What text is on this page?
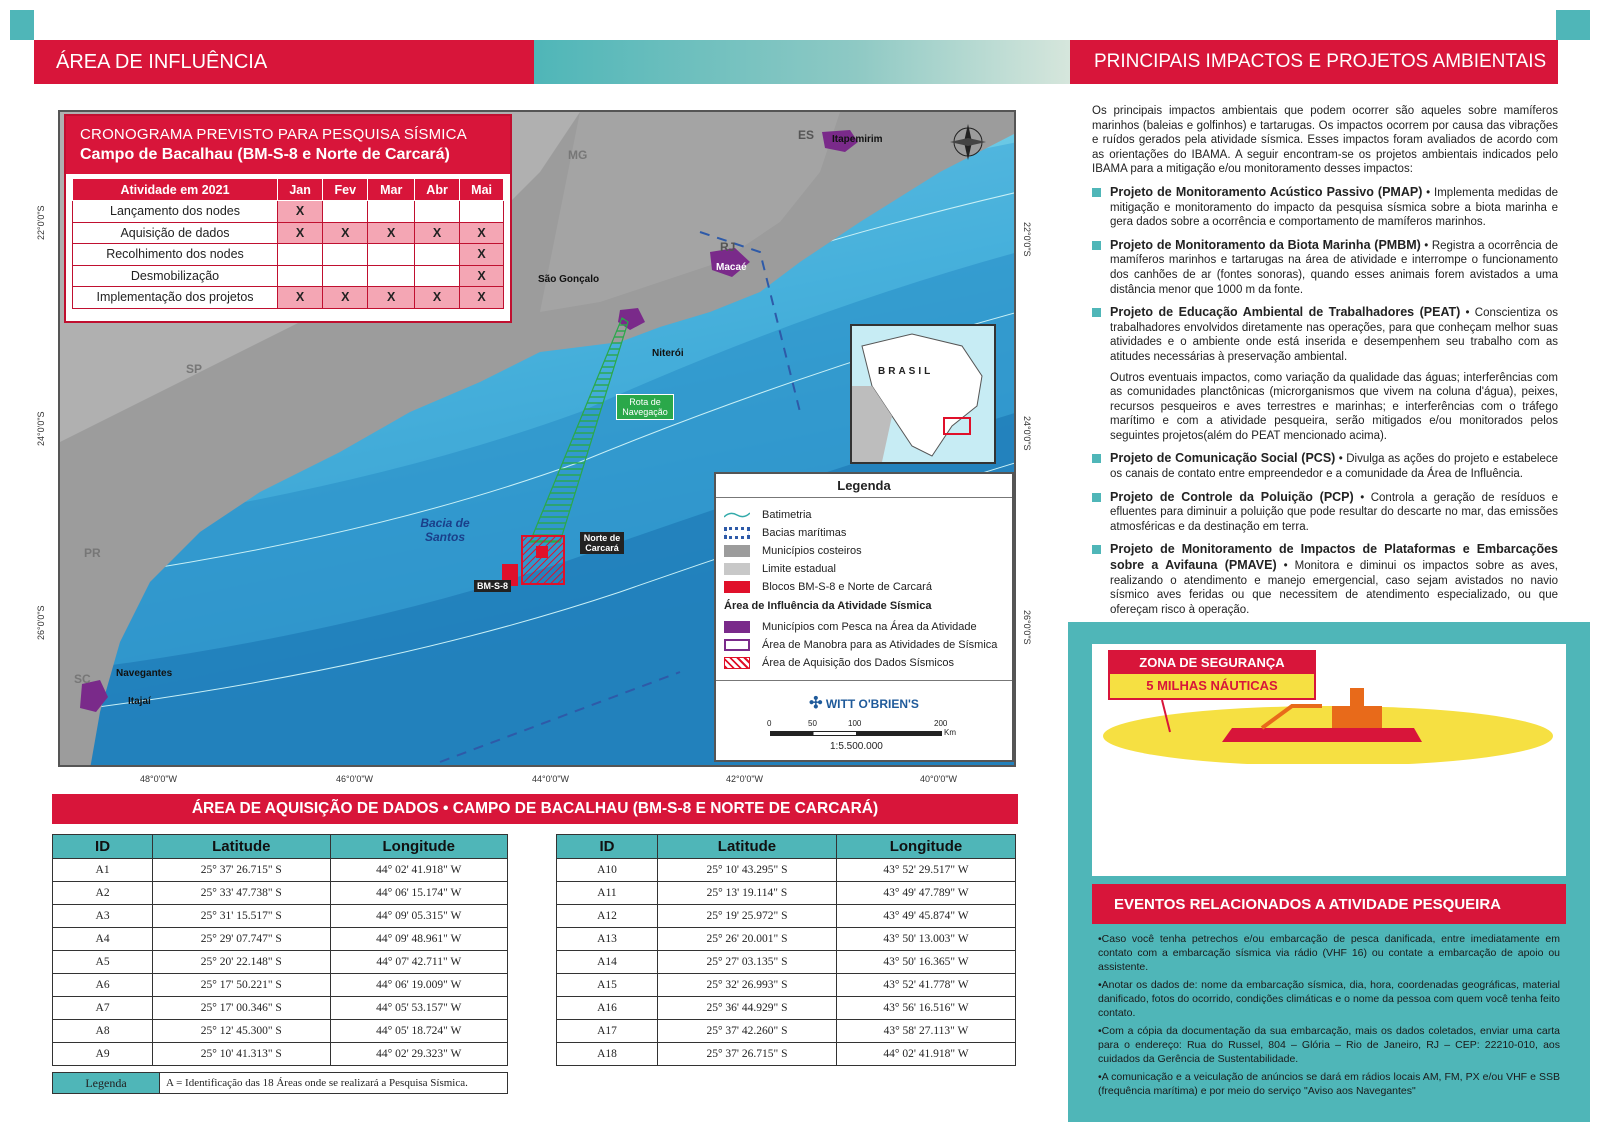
ÁREA DE INFLUÊNCIA	PRINCIPAIS IMPACTOS E PROJETOS AMBIENTAIS
BRASIL
MG
ES
RJ
SP
PR
SC
Itapemirim
Macaé
São Gonçalo
Niterói
Navegantes
Itajaí
Bacia de Santos
Rota de Navegação
Norte de Carcará
BM-S-8
CRONOGRAMA PREVISTO PARA PESQUISA SÍSMICA
Campo de Bacalhau (BM-S-8 e Norte de Carcará)
Atividade em 2021	Jan	Fev	Mar	Abr	Mai
Lançamento dos nodes	X				
Aquisição de dados	X	X	X	X	X
Recolhimento dos nodes					X
Desmobilização					X
Implementação dos projetos	X	X	X	X	X
Legenda
Batimetria
Bacias marítimas
Municípios costeiros
Limite estadual
Blocos BM-S-8 e Norte de Carcará
Área de Influência da Atividade Sísmica
Municípios com Pesca na Área da Atividade
Área de Manobra para as Atividades de Sísmica
Área de Aquisição dos Dados Sísmicos
✣ WITT O'BRIEN'S
0	50	100	200
Km
1:5.500.000
22°0'0"S
24°0'0"S
26°0'0"S
22°0'0"S
24°0'0"S
26°0'0"S
48°0'0"W	46°0'0"W	44°0'0"W	42°0'0"W	40°0'0"W
ÁREA DE AQUISIÇÃO DE DADOS • CAMPO DE BACALHAU (BM-S-8 E NORTE DE CARCARÁ)
ID	Latitude	Longitude
A1	25° 37' 26.715" S	44° 02' 41.918" W
A2	25° 33' 47.738" S	44° 06' 15.174" W
A3	25° 31' 15.517" S	44° 09' 05.315" W
A4	25° 29' 07.747" S	44° 09' 48.961" W
A5	25° 20' 22.148" S	44° 07' 42.711" W
A6	25° 17' 50.221" S	44° 06' 19.009" W
A7	25° 17' 00.346" S	44° 05' 53.157" W
A8	25° 12' 45.300" S	44° 05' 18.724" W
A9	25° 10' 41.313" S	44° 02' 29.323" W
ID	Latitude	Longitude
A10	25° 10' 43.295" S	43° 52' 29.517" W
A11	25° 13' 19.114" S	43° 49' 47.789" W
A12	25° 19' 25.972" S	43° 49' 45.874" W
A13	25° 26' 20.001" S	43° 50' 13.003" W
A14	25° 27' 03.135" S	43° 50' 16.365" W
A15	25° 32' 26.993" S	43° 52' 41.778" W
A16	25° 36' 44.929" S	43° 56' 16.516" W
A17	25° 37' 42.260" S	43° 58' 27.113" W
A18	25° 37' 26.715" S	44° 02' 41.918" W
Legenda	A = Identificação das 18 Áreas onde se realizará a Pesquisa Sísmica.

Os principais impactos ambientais que podem ocorrer são aqueles sobre mamíferos marinhos (baleias e golfinhos) e tartarugas. Os impactos ocorrem por causa das vibrações e ruídos gerados pela atividade sísmica. Esses impactos foram avaliados de acordo com as orientações do IBAMA. A seguir encontram-se os projetos ambientais indicados pelo IBAMA para a mitigação e/ou monitoramento desses impactos:

Projeto de Monitoramento Acústico Passivo (PMAP) • Implementa medidas de mitigação e monitoramento do impacto da pesquisa sísmica sobre a biota marinha e gera dados sobre a ocorrência e comportamento de mamíferos marinhos.
Projeto de Monitoramento da Biota Marinha (PMBM) • Registra a ocorrência de mamíferos marinhos e tartarugas na área de atividade e interrompe o funcionamento dos canhões de ar (fontes sonoras), quando esses animais forem avistados a uma distância menor que 1000 m da fonte.
Projeto de Educação Ambiental de Trabalhadores (PEAT) • Conscientiza os trabalhadores envolvidos diretamente nas operações, para que conheçam melhor suas atividades e o ambiente onde está inserida e desempenhem seu trabalho com as atitudes necessárias à preservação ambiental.

Outros eventuais impactos, como variação da qualidade das águas; interferências com as comunidades planctônicas (microrganismos que vivem na coluna d'água), peixes, recursos pesqueiros e aves terrestres e marinhas; e interferências com o tráfego marítimo e com a atividade pesqueira, serão mitigados e/ou monitorados pelos seguintes projetos(além do PEAT mencionado acima).

Projeto de Comunicação Social (PCS) • Divulga as ações do projeto e estabelece os canais de contato entre empreendedor e a comunidade da Área de Influência.
Projeto de Controle da Poluição (PCP) • Controla a geração de resíduos e efluentes para diminuir a poluição que pode resultar do descarte no mar, das emissões atmosféricas e da destinação em terra.
Projeto de Monitoramento de Impactos de Plataformas e Embarcações sobre a Avifauna (PMAVE) • Monitora e diminui os impactos sobre as aves, realizando o atendimento e manejo emergencial, caso sejam avistados no navio sísmico aves feridas ou que necessitem de atendimento especializado, ou que ofereçam risco à operação.
ZONA DE SEGURANÇA
5 MILHAS NÁUTICAS
•Visando a segurança de todos durante a navegação, aconselhamos os pescadores que fiquem a uma distância mínima de 5 milhas das embarcações sísmicas. Caso haja necessidade de comunicação com o navio sísmico, chame pelo rádio. Existe um rádio operador brasileiro 24 horas disponível para contato. Lembre-se que o canal de comunicação mais usual é: VHF 16.
EVENTOS RELACIONADOS A ATIVIDADE PESQUEIRA

•Caso você tenha petrechos e/ou embarcação de pesca danificada, entre imediatamente em contato com a embarcação sísmica via rádio (VHF 16) ou contate a embarcação de apoio ou assistente.

•Anotar os dados de: nome da embarcação sísmica, dia, hora, coordenadas geográficas, material danificado, fotos do ocorrido, condições climáticas e o nome da pessoa com quem você tenha feito contato.

•Com a cópia da documentação da sua embarcação, mais os dados coletados, enviar uma carta para o endereço: Rua do Russel, 804 – Glória – Rio de Janeiro, RJ – CEP: 22210-010, aos cuidados da Gerência de Sustentabilidade.

•A comunicação e a veiculação de anúncios se dará em rádios locais AM, FM, PX e/ou VHF e SSB (frequência marítima) e por meio do serviço "Aviso aos Navegantes"
